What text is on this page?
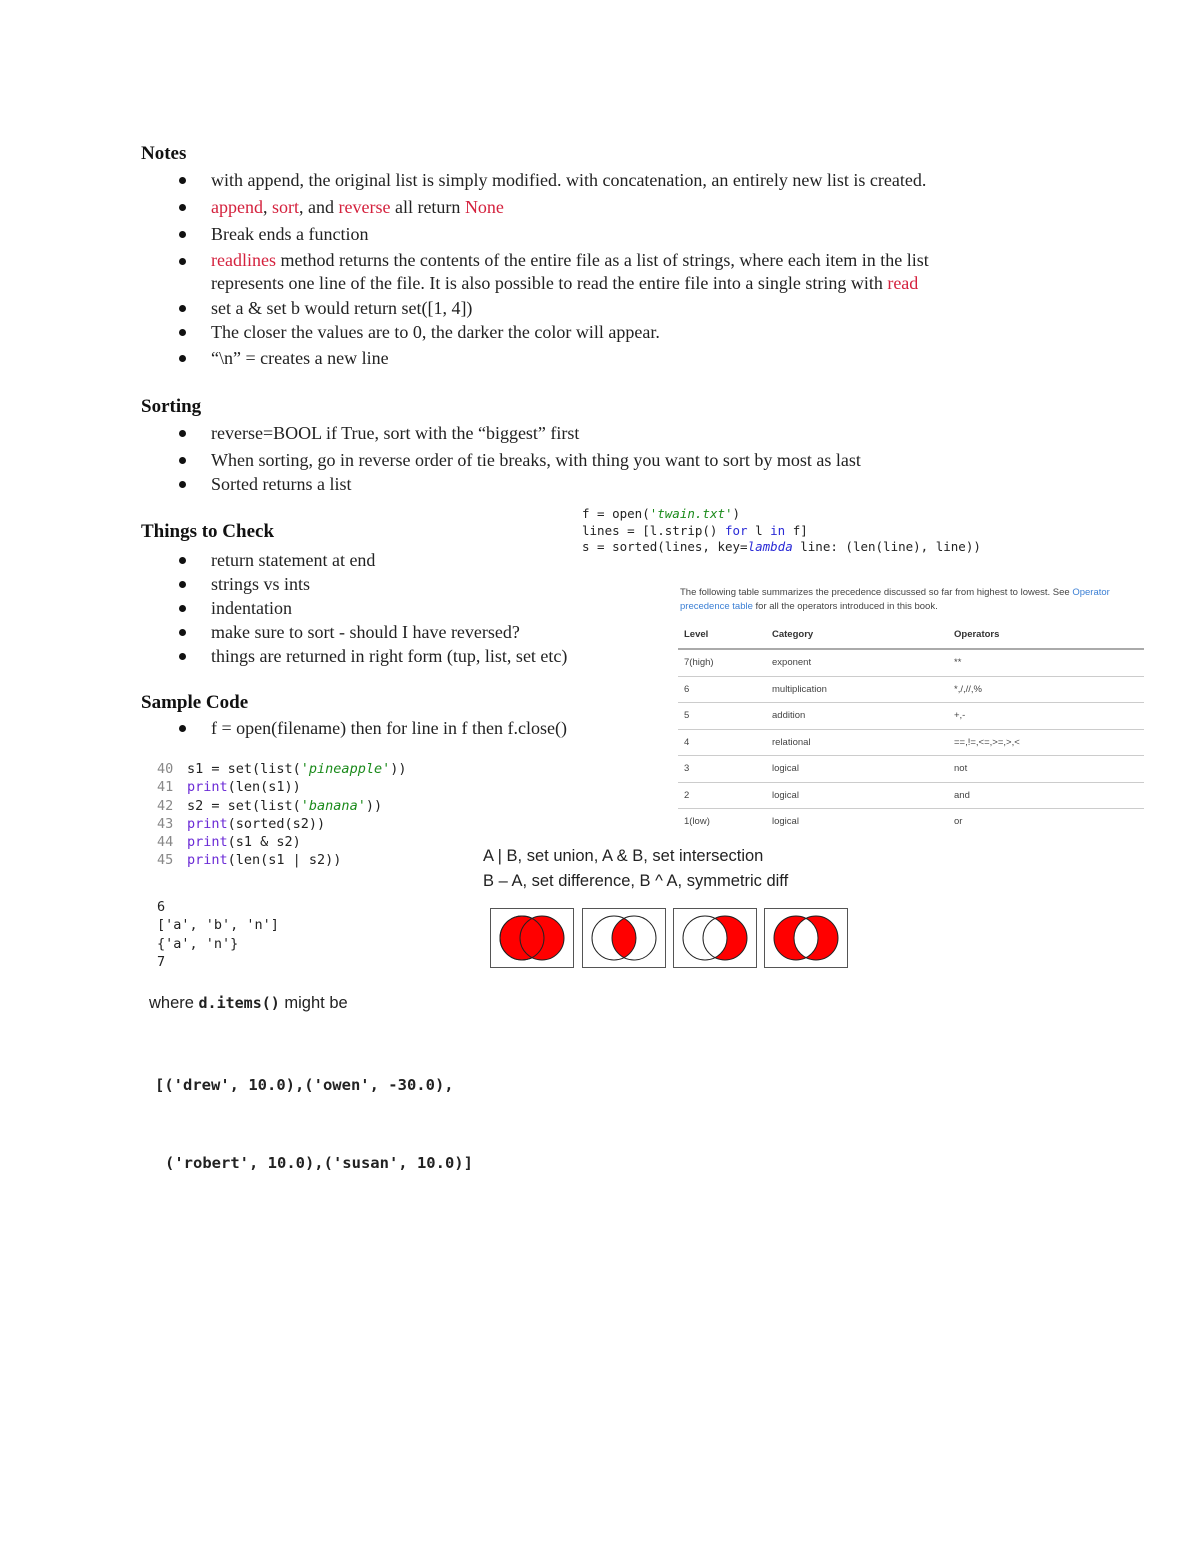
Notes
with append, the original list is simply modified. with concatenation, an entirely new list is created.
append, sort, and reverse all return None
Break ends a function
readlines method returns the contents of the entire file as a list of strings, where each item in the list
represents one line of the file. It is also possible to read the entire file into a single string with read
set a & set b would return set([1, 4])
The closer the values are to 0, the darker the color will appear.
“\n” = creates a new line
Sorting
reverse=BOOL if True, sort with the “biggest” first
When sorting, go in reverse order of tie breaks, with thing you want to sort by most as last
Sorted returns a list
Things to Check
return statement at end
strings vs ints
indentation
make sure to sort - should I have reversed?
things are returned in right form (tup, list, set etc)
Sample Code
f = open(filename) then for line in f then f.close()
f = open('twain.txt')
lines = [l.strip() for l in f]
s = sorted(lines, key=lambda line: (len(line), line))
The following table summarizes the precedence discussed so far from highest to lowest. See Operator precedence table for all the operators introduced in this book.
Level	Category	Operators
7(high)	exponent	**
6	multiplication	*,/,//,%
5	addition	+,-
4	relational	==,!=,<=,>=,>,<
3	logical	not
2	logical	and
1(low)	logical	or
40 s1 = set(list('pineapple'))
41 print(len(s1))
42 s2 = set(list('banana'))
43 print(sorted(s2))
44 print(s1 & s2)
45 print(len(s1 | s2))
6
['a', 'b', 'n']
{'a', 'n'}
7
A | B, set union, A & B, set intersection
B – A, set difference, B ^ A, symmetric diff
where d.items() might be

[('drew', 10.0),('owen', -30.0),

('robert', 10.0),('susan', 10.0)]
